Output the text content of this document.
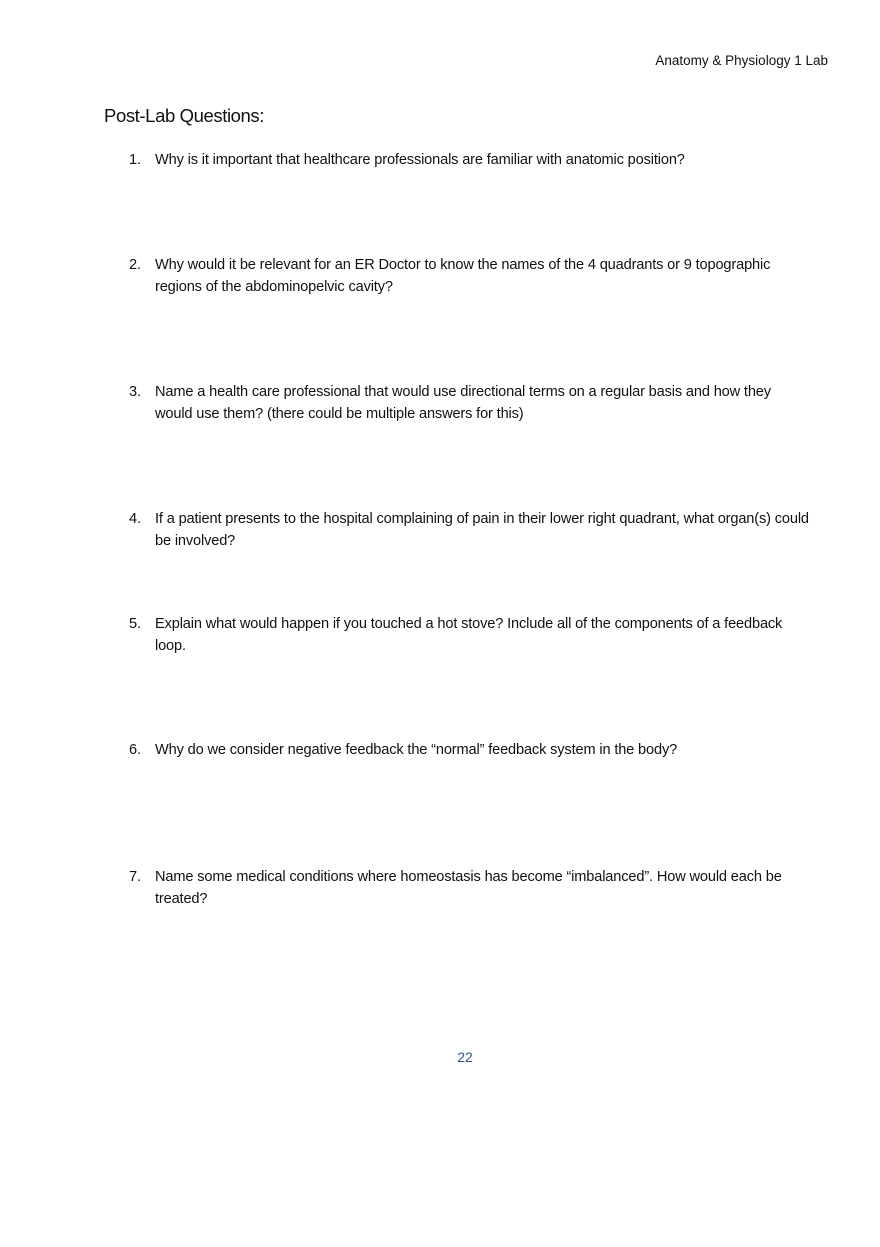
Anatomy & Physiology 1 Lab
Post-Lab Questions:
1. Why is it important that healthcare professionals are familiar with anatomic position?
2. Why would it be relevant for an ER Doctor to know the names of the 4 quadrants or 9 topographic regions of the abdominopelvic cavity?
3. Name a health care professional that would use directional terms on a regular basis and how they would use them? (there could be multiple answers for this)
4. If a patient presents to the hospital complaining of pain in their lower right quadrant, what organ(s) could be involved?
5. Explain what would happen if you touched a hot stove? Include all of the components of a feedback loop.
6. Why do we consider negative feedback the “normal” feedback system in the body?
7. Name some medical conditions where homeostasis has become “imbalanced”. How would each be treated?
22
